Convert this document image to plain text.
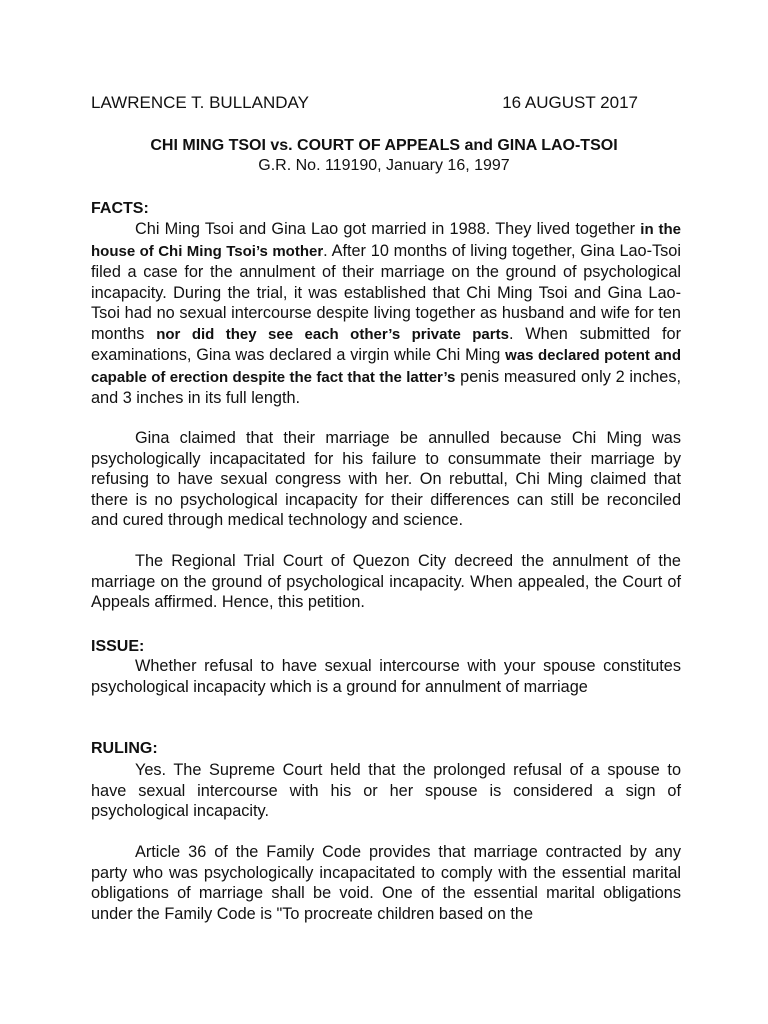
LAWRENCE T. BULLANDAY	16 AUGUST 2017
CHI MING TSOI vs. COURT OF APPEALS and GINA LAO-TSOI
G.R. No. 119190, January 16, 1997
FACTS:

Chi Ming Tsoi and Gina Lao got married in 1988. They lived together in the house of Chi Ming Tsoi’s mother. After 10 months of living together, Gina Lao-Tsoi filed a case for the annulment of their marriage on the ground of psychological incapacity. During the trial, it was established that Chi Ming Tsoi and Gina Lao-Tsoi had no sexual intercourse despite living together as husband and wife for ten months nor did they see each other’s private parts. When submitted for examinations, Gina was declared a virgin while Chi Ming was declared potent and capable of erection despite the fact that the latter’s penis measured only 2 inches, and 3 inches in its full length.

Gina claimed that their marriage be annulled because Chi Ming was psychologically incapacitated for his failure to consummate their marriage by refusing to have sexual congress with her. On rebuttal, Chi Ming claimed that there is no psychological incapacity for their differences can still be reconciled and cured through medical technology and science.

The Regional Trial Court of Quezon City decreed the annulment of the marriage on the ground of psychological incapacity. When appealed, the Court of Appeals affirmed. Hence, this petition.

ISSUE:

Whether refusal to have sexual intercourse with your spouse constitutes psychological incapacity which is a ground for annulment of marriage

RULING:

Yes. The Supreme Court held that the prolonged refusal of a spouse to have sexual intercourse with his or her spouse is considered a sign of psychological incapacity.

Article 36 of the Family Code provides that marriage contracted by any party who was psychologically incapacitated to comply with the essential marital obligations of marriage shall be void. One of the essential marital obligations under the Family Code is "To procreate children based on the
